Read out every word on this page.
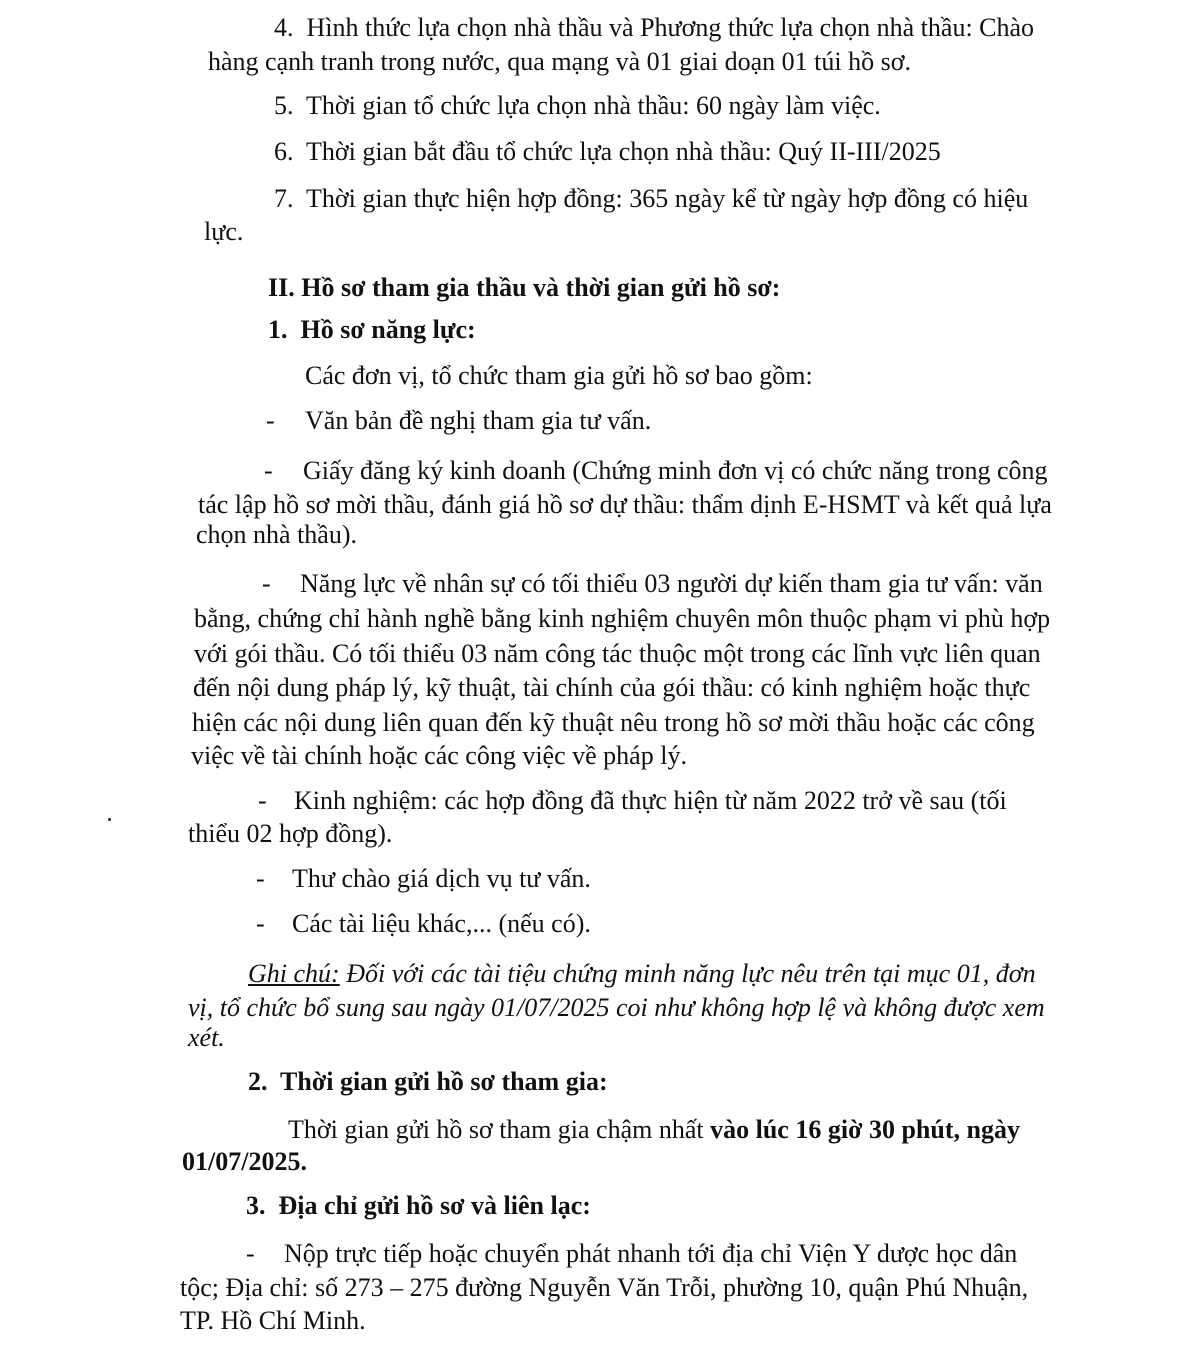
4. Hình thức lựa chọn nhà thầu và Phương thức lựa chọn nhà thầu: Chào
hàng cạnh tranh trong nước, qua mạng và 01 giai doạn 01 túi hồ sơ.
5. Thời gian tổ chức lựa chọn nhà thầu: 60 ngày làm việc.
6. Thời gian bắt đầu tổ chức lựa chọn nhà thầu: Quý II-III/2025
7. Thời gian thực hiện hợp đồng: 365 ngày kể từ ngày hợp đồng có hiệu
lực.
II. Hồ sơ tham gia thầu và thời gian gửi hồ sơ:
1. Hồ sơ năng lực:
Các đơn vị, tổ chức tham gia gửi hồ sơ bao gồm:
- Văn bản đề nghị tham gia tư vấn.
- Giấy đăng ký kinh doanh (Chứng minh đơn vị có chức năng trong công
tác lập hồ sơ mời thầu, đánh giá hồ sơ dự thầu: thẩm dịnh E-HSMT và kết quả lựa
chọn nhà thầu).
- Năng lực về nhân sự có tối thiểu 03 người dự kiến tham gia tư vấn: văn
bằng, chứng chỉ hành nghề bằng kinh nghiệm chuyên môn thuộc phạm vi phù hợp
với gói thầu. Có tối thiểu 03 năm công tác thuộc một trong các lĩnh vực liên quan
đến nội dung pháp lý, kỹ thuật, tài chính của gói thầu: có kinh nghiệm hoặc thực
hiện các nội dung liên quan đến kỹ thuật nêu trong hồ sơ mời thầu hoặc các công
việc về tài chính hoặc các công việc về pháp lý.
- Kinh nghiệm: các hợp đồng đã thực hiện từ năm 2022 trở về sau (tối
thiểu 02 hợp đồng).
- Thư chào giá dịch vụ tư vấn.
- Các tài liệu khác,... (nếu có).
Ghi chú: Đối với các tài tiệu chứng minh năng lực nêu trên tại mục 01, đơn
vị, tổ chức bổ sung sau ngày 01/07/2025 coi như không hợp lệ và không được xem
xét.
2. Thời gian gửi hồ sơ tham gia:
Thời gian gửi hồ sơ tham gia chậm nhất vào lúc 16 giờ 30 phút, ngày
01/07/2025.
3. Địa chỉ gửi hồ sơ và liên lạc:
- Nộp trực tiếp hoặc chuyển phát nhanh tới địa chỉ Viện Y dược học dân
tộc; Địa chỉ: số 273 – 275 đường Nguyễn Văn Trỗi, phường 10, quận Phú Nhuận,
TP. Hồ Chí Minh.
